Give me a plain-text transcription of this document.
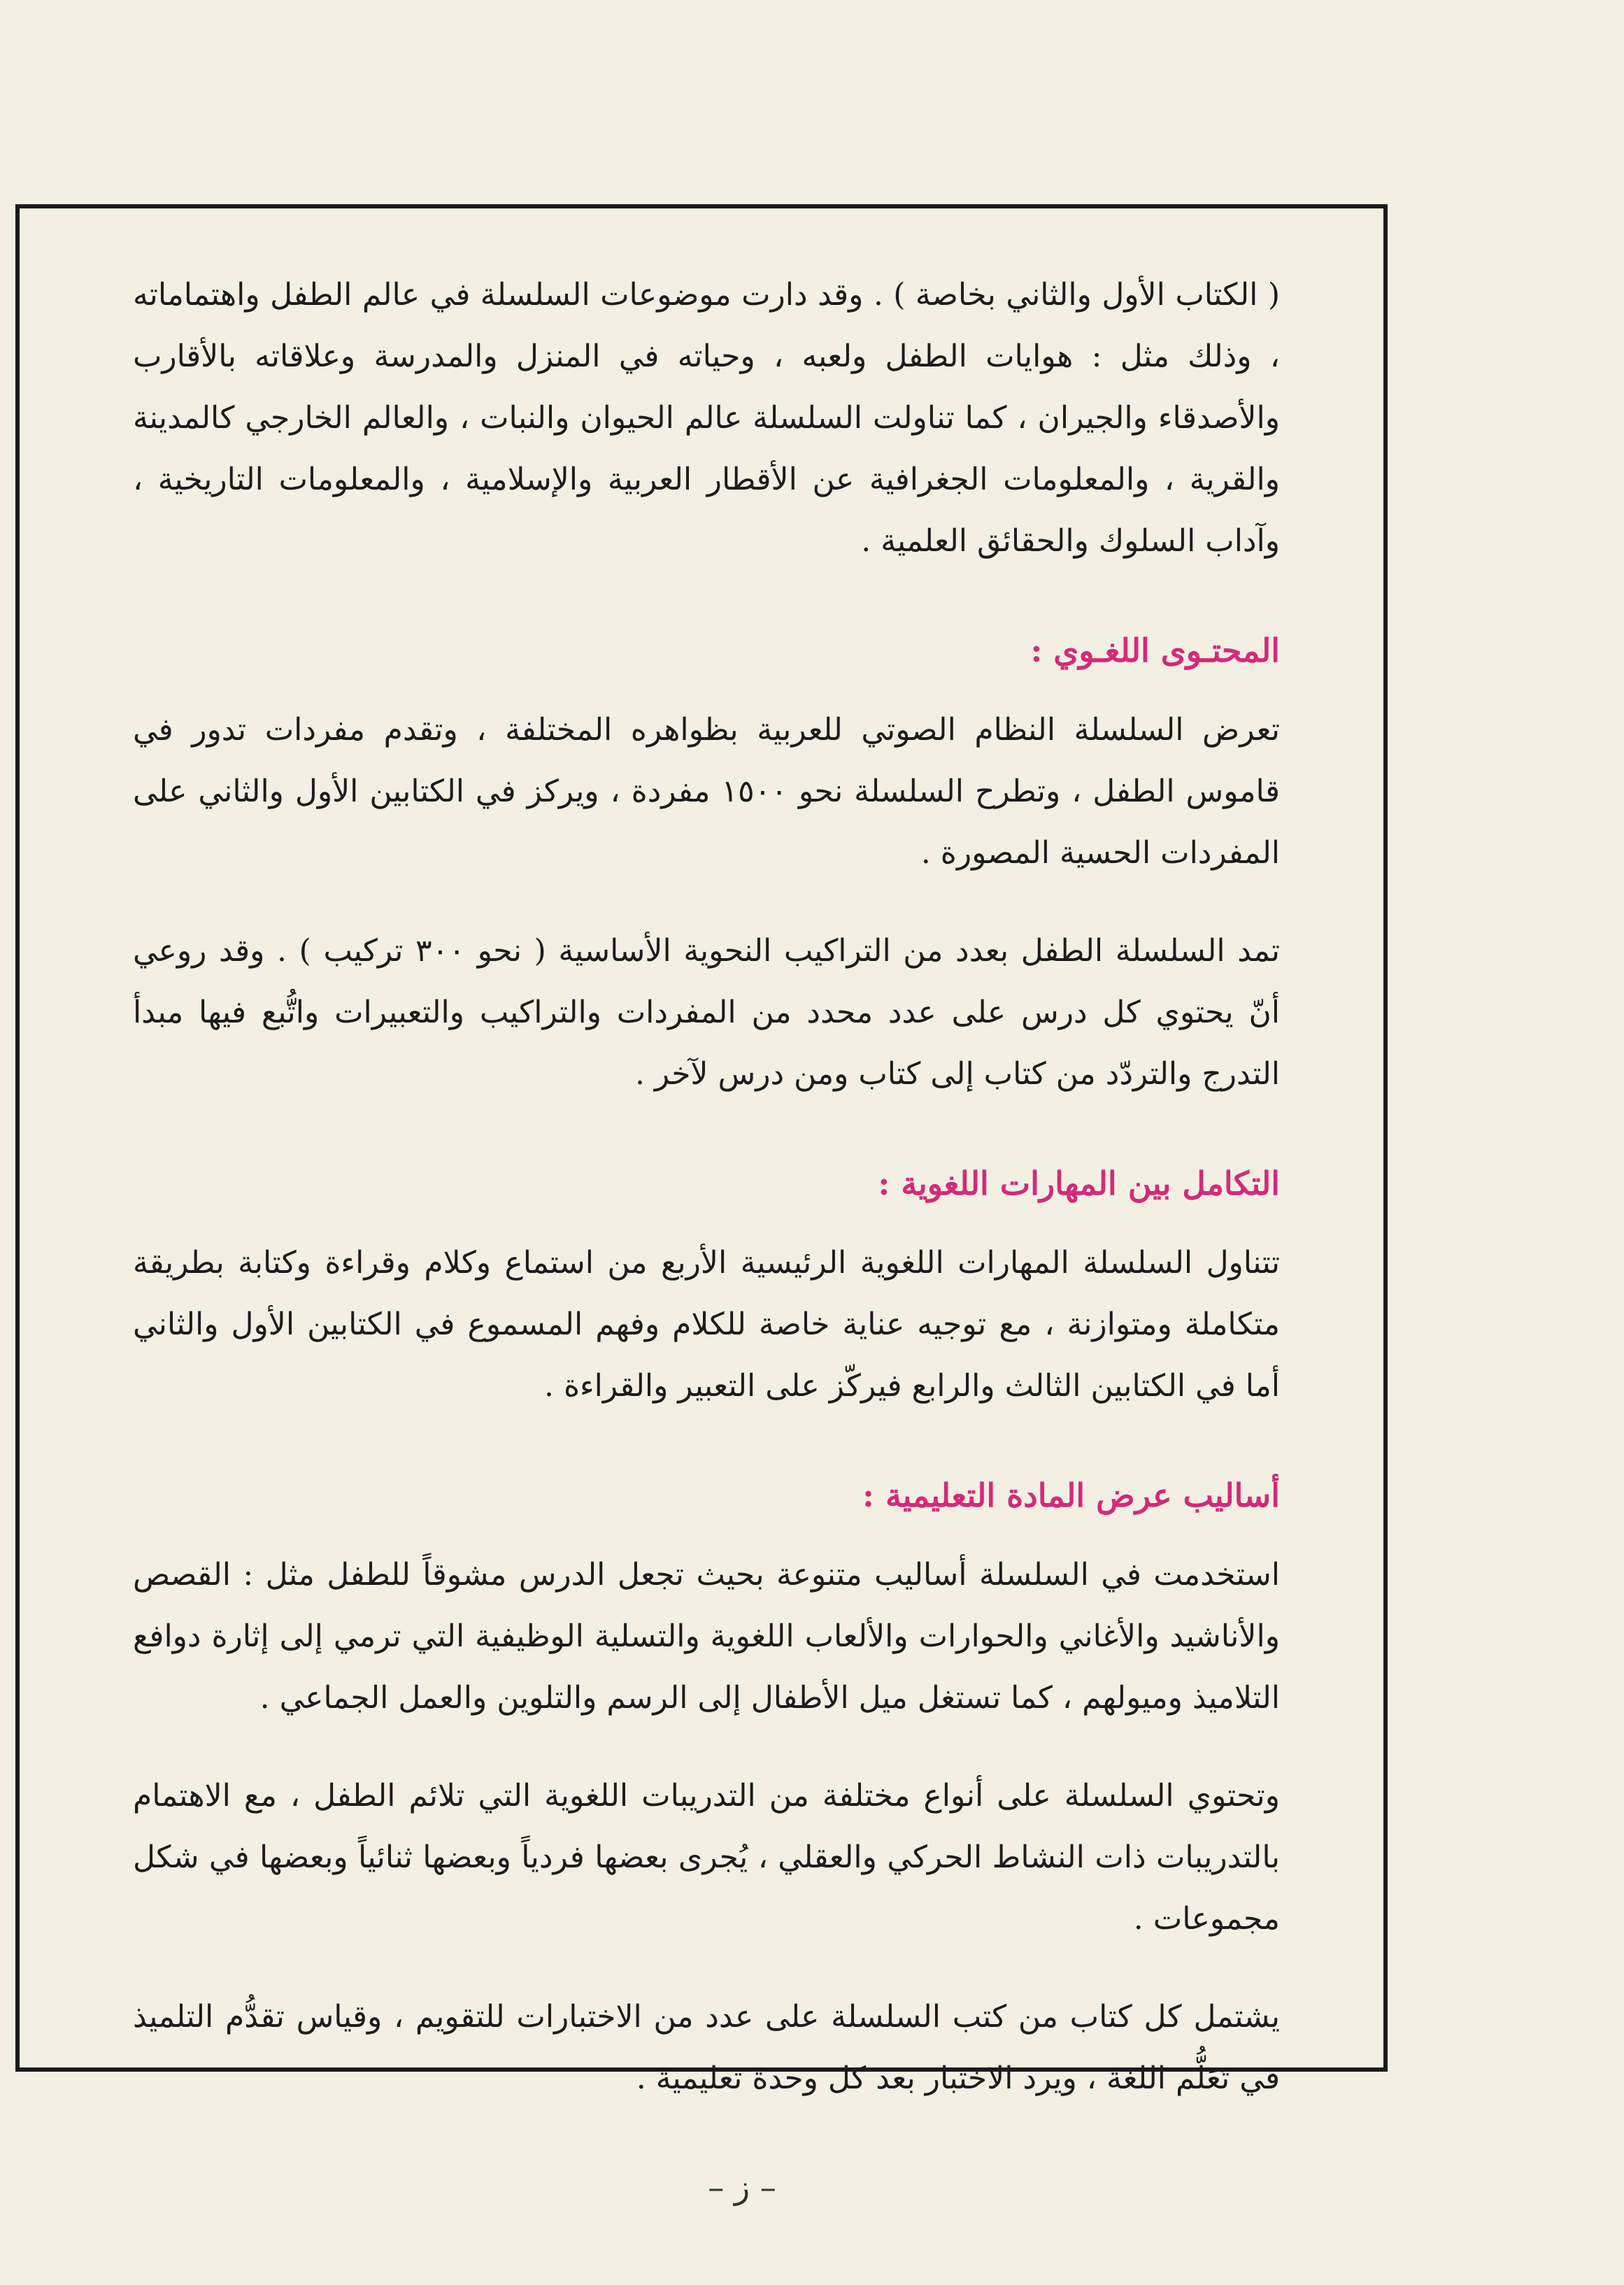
( الكتاب الأول والثاني بخاصة ) . وقد دارت موضوعات السلسلة في عالم الطفل واهتماماته ، وذلك مثل : هوايات الطفل ولعبه ، وحياته في المنزل والمدرسة وعلاقاته بالأقارب والأصدقاء والجيران ، كما تناولت السلسلة عالم الحيوان والنبات ، والعالم الخارجي كالمدينة والقرية ، والمعلومات الجغرافية عن الأقطار العربية والإسلامية ، والمعلومات التاريخية ، وآداب السلوك والحقائق العلمية .

المحتـوى اللغـوي :

تعرض السلسلة النظام الصوتي للعربية بظواهره المختلفة ، وتقدم مفردات تدور في قاموس الطفل ، وتطرح السلسلة نحو ١٥٠٠ مفردة ، ويركز في الكتابين الأول والثاني على المفردات الحسية المصورة .

تمد السلسلة الطفل بعدد من التراكيب النحوية الأساسية ( نحو ٣٠٠ تركيب ) . وقد روعي أنّ يحتوي كل درس على عدد محدد من المفردات والتراكيب والتعبيرات واتُّبع فيها مبدأ التدرج والتردّد من كتاب إلى كتاب ومن درس لآخر .

التكامل بين المهارات اللغوية :

تتناول السلسلة المهارات اللغوية الرئيسية الأربع من استماع وكلام وقراءة وكتابة بطريقة متكاملة ومتوازنة ، مع توجيه عناية خاصة للكلام وفهم المسموع في الكتابين الأول والثاني أما في الكتابين الثالث والرابع فيركّز على التعبير والقراءة .

أساليب عرض المادة التعليمية :

استخدمت في السلسلة أساليب متنوعة بحيث تجعل الدرس مشوقاً للطفل مثل : القصص والأناشيد والأغاني والحوارات والألعاب اللغوية والتسلية الوظيفية التي ترمي إلى إثارة دوافع التلاميذ وميولهم ، كما تستغل ميل الأطفال إلى الرسم والتلوين والعمل الجماعي .

وتحتوي السلسلة على أنواع مختلفة من التدريبات اللغوية التي تلائم الطفل ، مع الاهتمام بالتدريبات ذات النشاط الحركي والعقلي ، يُجرى بعضها فردياً وبعضها ثنائياً وبعضها في شكل مجموعات .

يشتمل كل كتاب من كتب السلسلة على عدد من الاختبارات للتقويم ، وقياس تقدُّم التلميذ في تَعَلُّم اللغة ، ويرد الاختبار بعد كل وحدة تعليمية .

– ز –
